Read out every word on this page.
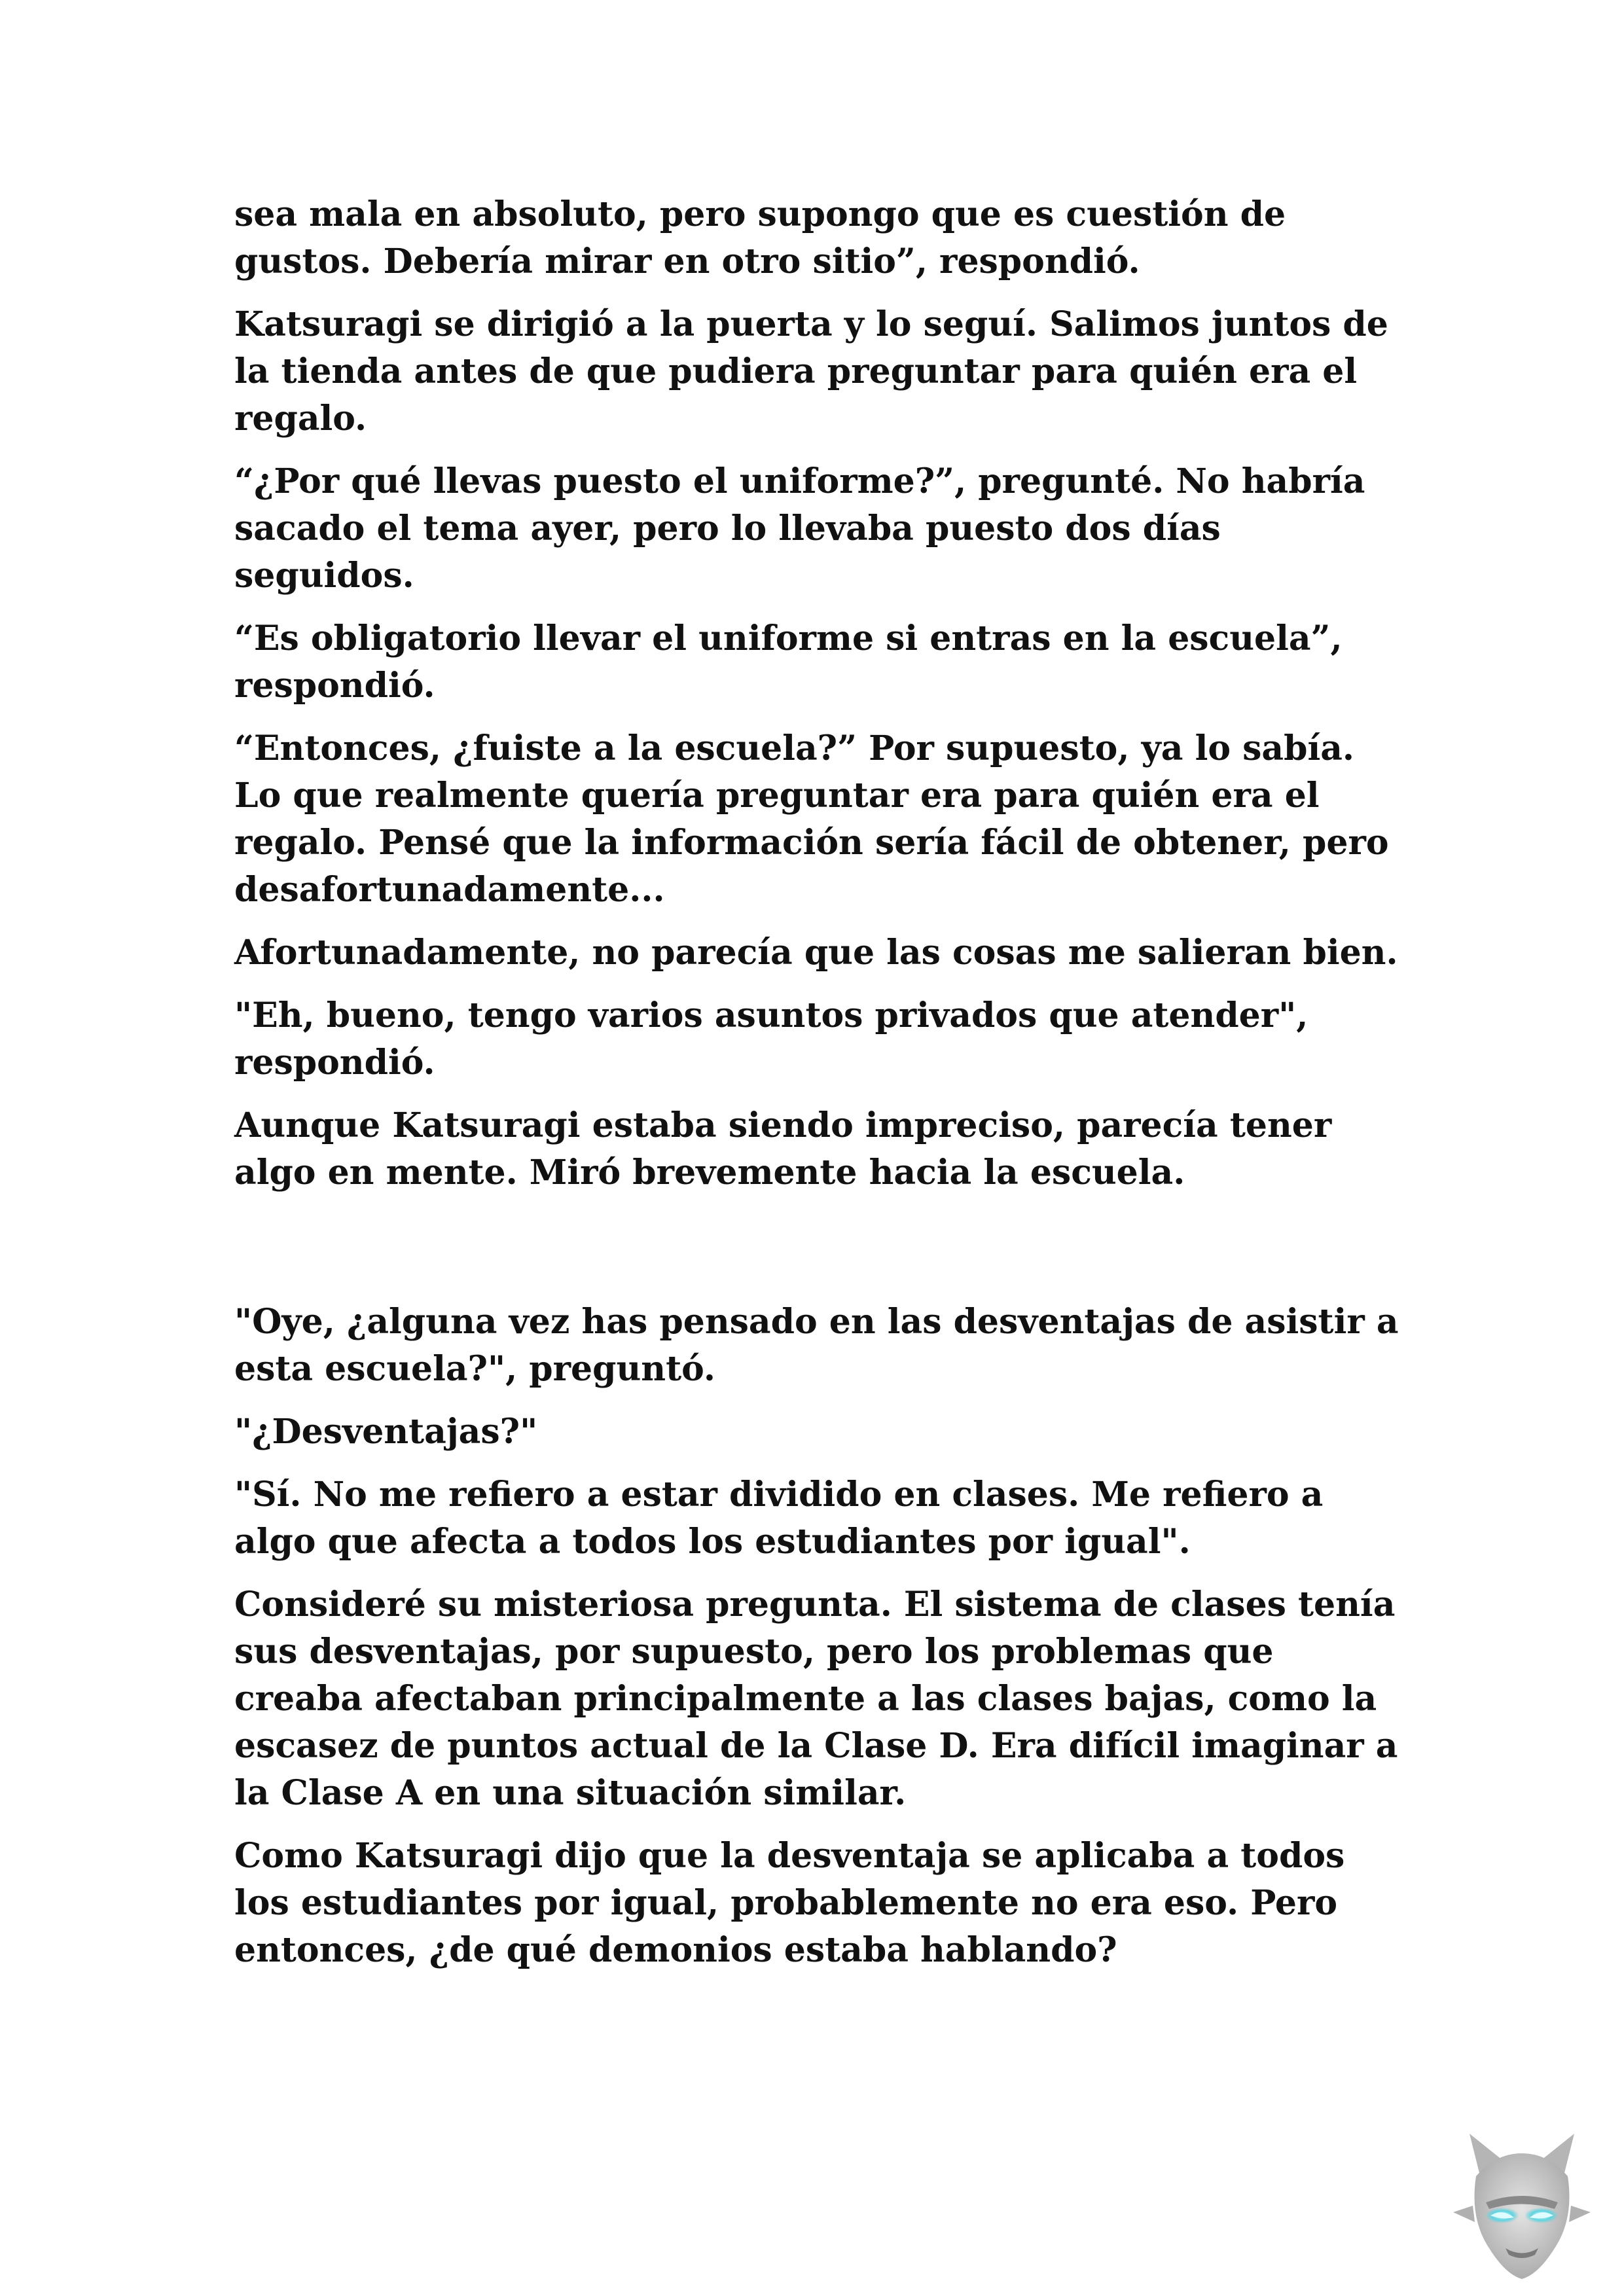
sea mala en absoluto, pero supongo que es cuestión de gustos. Debería mirar en otro sitio”, respondió.

Katsuragi se dirigió a la puerta y lo seguí. Salimos juntos de la tienda antes de que pudiera preguntar para quién era el regalo.

“¿Por qué llevas puesto el uniforme?”, pregunté. No habría sacado el tema ayer, pero lo llevaba puesto dos días seguidos.

“Es obligatorio llevar el uniforme si entras en la escuela”, respondió.

“Entonces, ¿fuiste a la escuela?” Por supuesto, ya lo sabía. Lo que realmente quería preguntar era para quién era el regalo. Pensé que la información sería fácil de obtener, pero desafortunadamente...

Afortunadamente, no parecía que las cosas me salieran bien.

"Eh, bueno, tengo varios asuntos privados que atender", respondió.

Aunque Katsuragi estaba siendo impreciso, parecía tener algo en mente. Miró brevemente hacia la escuela.

"Oye, ¿alguna vez has pensado en las desventajas de asistir a esta escuela?", preguntó.

"¿Desventajas?"

"Sí. No me refiero a estar dividido en clases. Me refiero a algo que afecta a todos los estudiantes por igual".

Consideré su misteriosa pregunta. El sistema de clases tenía sus desventajas, por supuesto, pero los problemas que creaba afectaban principalmente a las clases bajas, como la escasez de puntos actual de la Clase D. Era difícil imaginar a la Clase A en una situación similar.

Como Katsuragi dijo que la desventaja se aplicaba a todos los estudiantes por igual, probablemente no era eso. Pero entonces, ¿de qué demonios estaba hablando?
